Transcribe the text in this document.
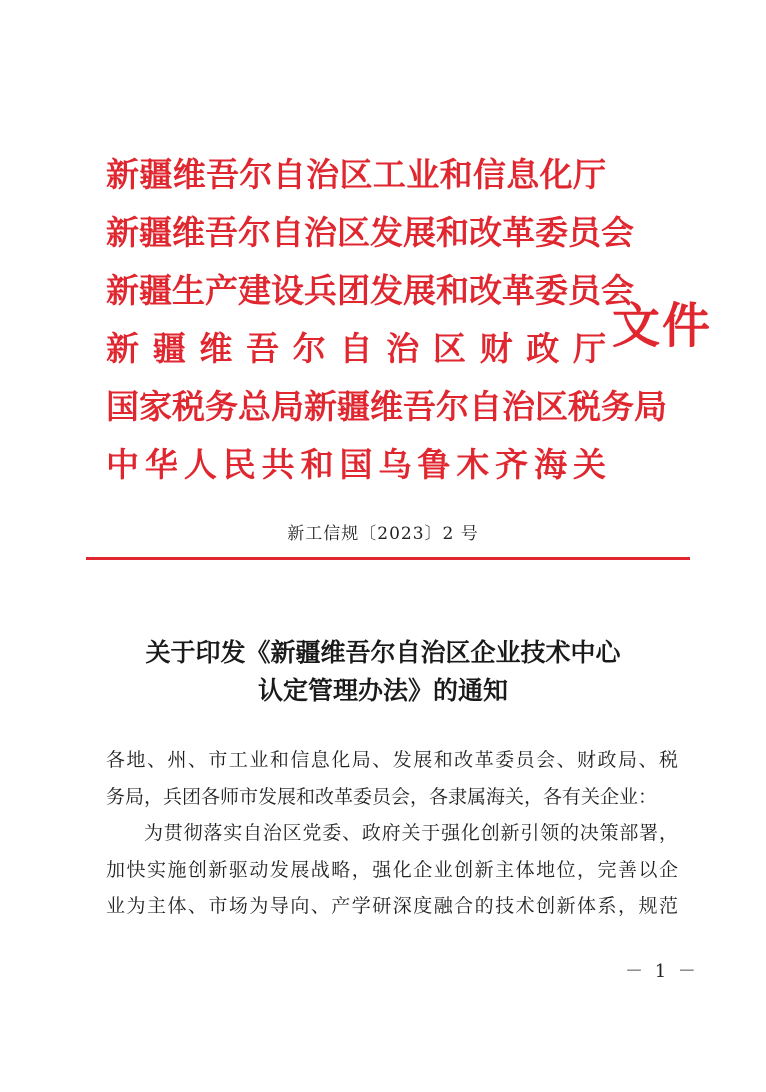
新疆维吾尔自治区工业和信息化厅
新疆维吾尔自治区发展和改革委员会
新疆生产建设兵团发展和改革委员会
新疆维吾尔自治区财政厅
国家税务总局新疆维吾尔自治区税务局
中华人民共和国乌鲁木齐海关
文件
新工信规〔2023〕2 号
关于印发《新疆维吾尔自治区企业技术中心
认定管理办法》的通知
各地、州、市工业和信息化局、发展和改革委员会、财政局、税
务局，兵团各师市发展和改革委员会，各隶属海关，各有关企业：
为贯彻落实自治区党委、政府关于强化创新引领的决策部署，
加快实施创新驱动发展战略，强化企业创新主体地位，完善以企
业为主体、市场为导向、产学研深度融合的技术创新体系，规范
－ 1 －
